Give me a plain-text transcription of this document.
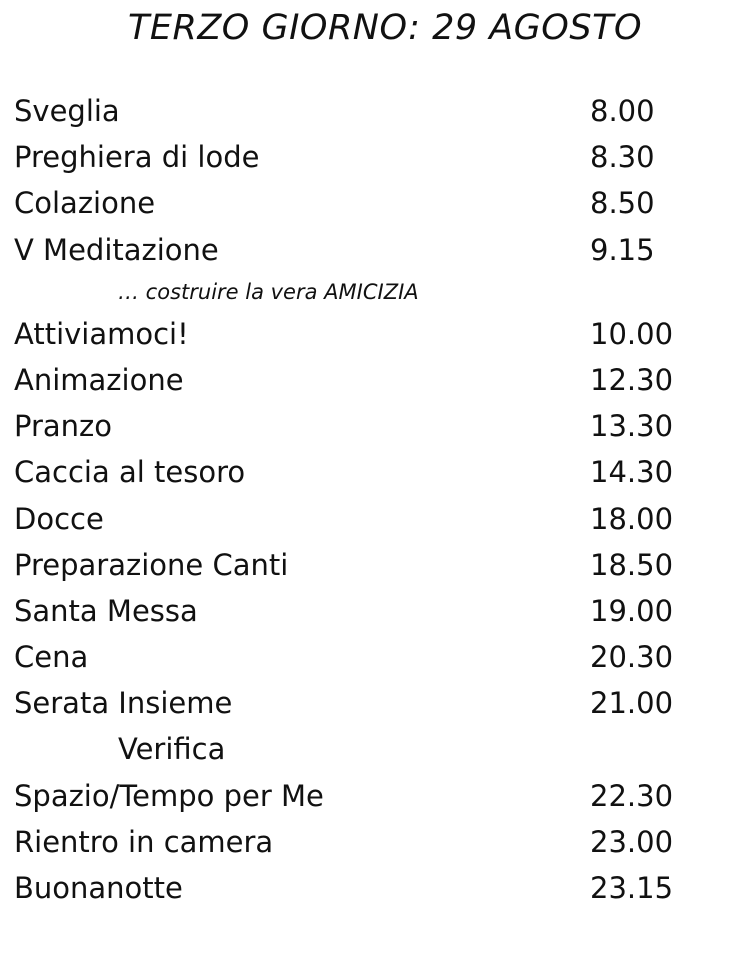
TERZO GIORNO: 29 AGOSTO
Sveglia	8.00
Preghiera di lode	8.30
Colazione	8.50
V Meditazione	9.15
… costruire la vera AMICIZIA
Attiviamoci!	10.00
Animazione	12.30
Pranzo	13.30
Caccia al tesoro	14.30
Docce	18.00
Preparazione Canti	18.50
Santa Messa	19.00
Cena	20.30
Serata Insieme	21.00
Verifica
Spazio/Tempo per Me	22.30
Rientro in camera	23.00
Buonanotte	23.15
